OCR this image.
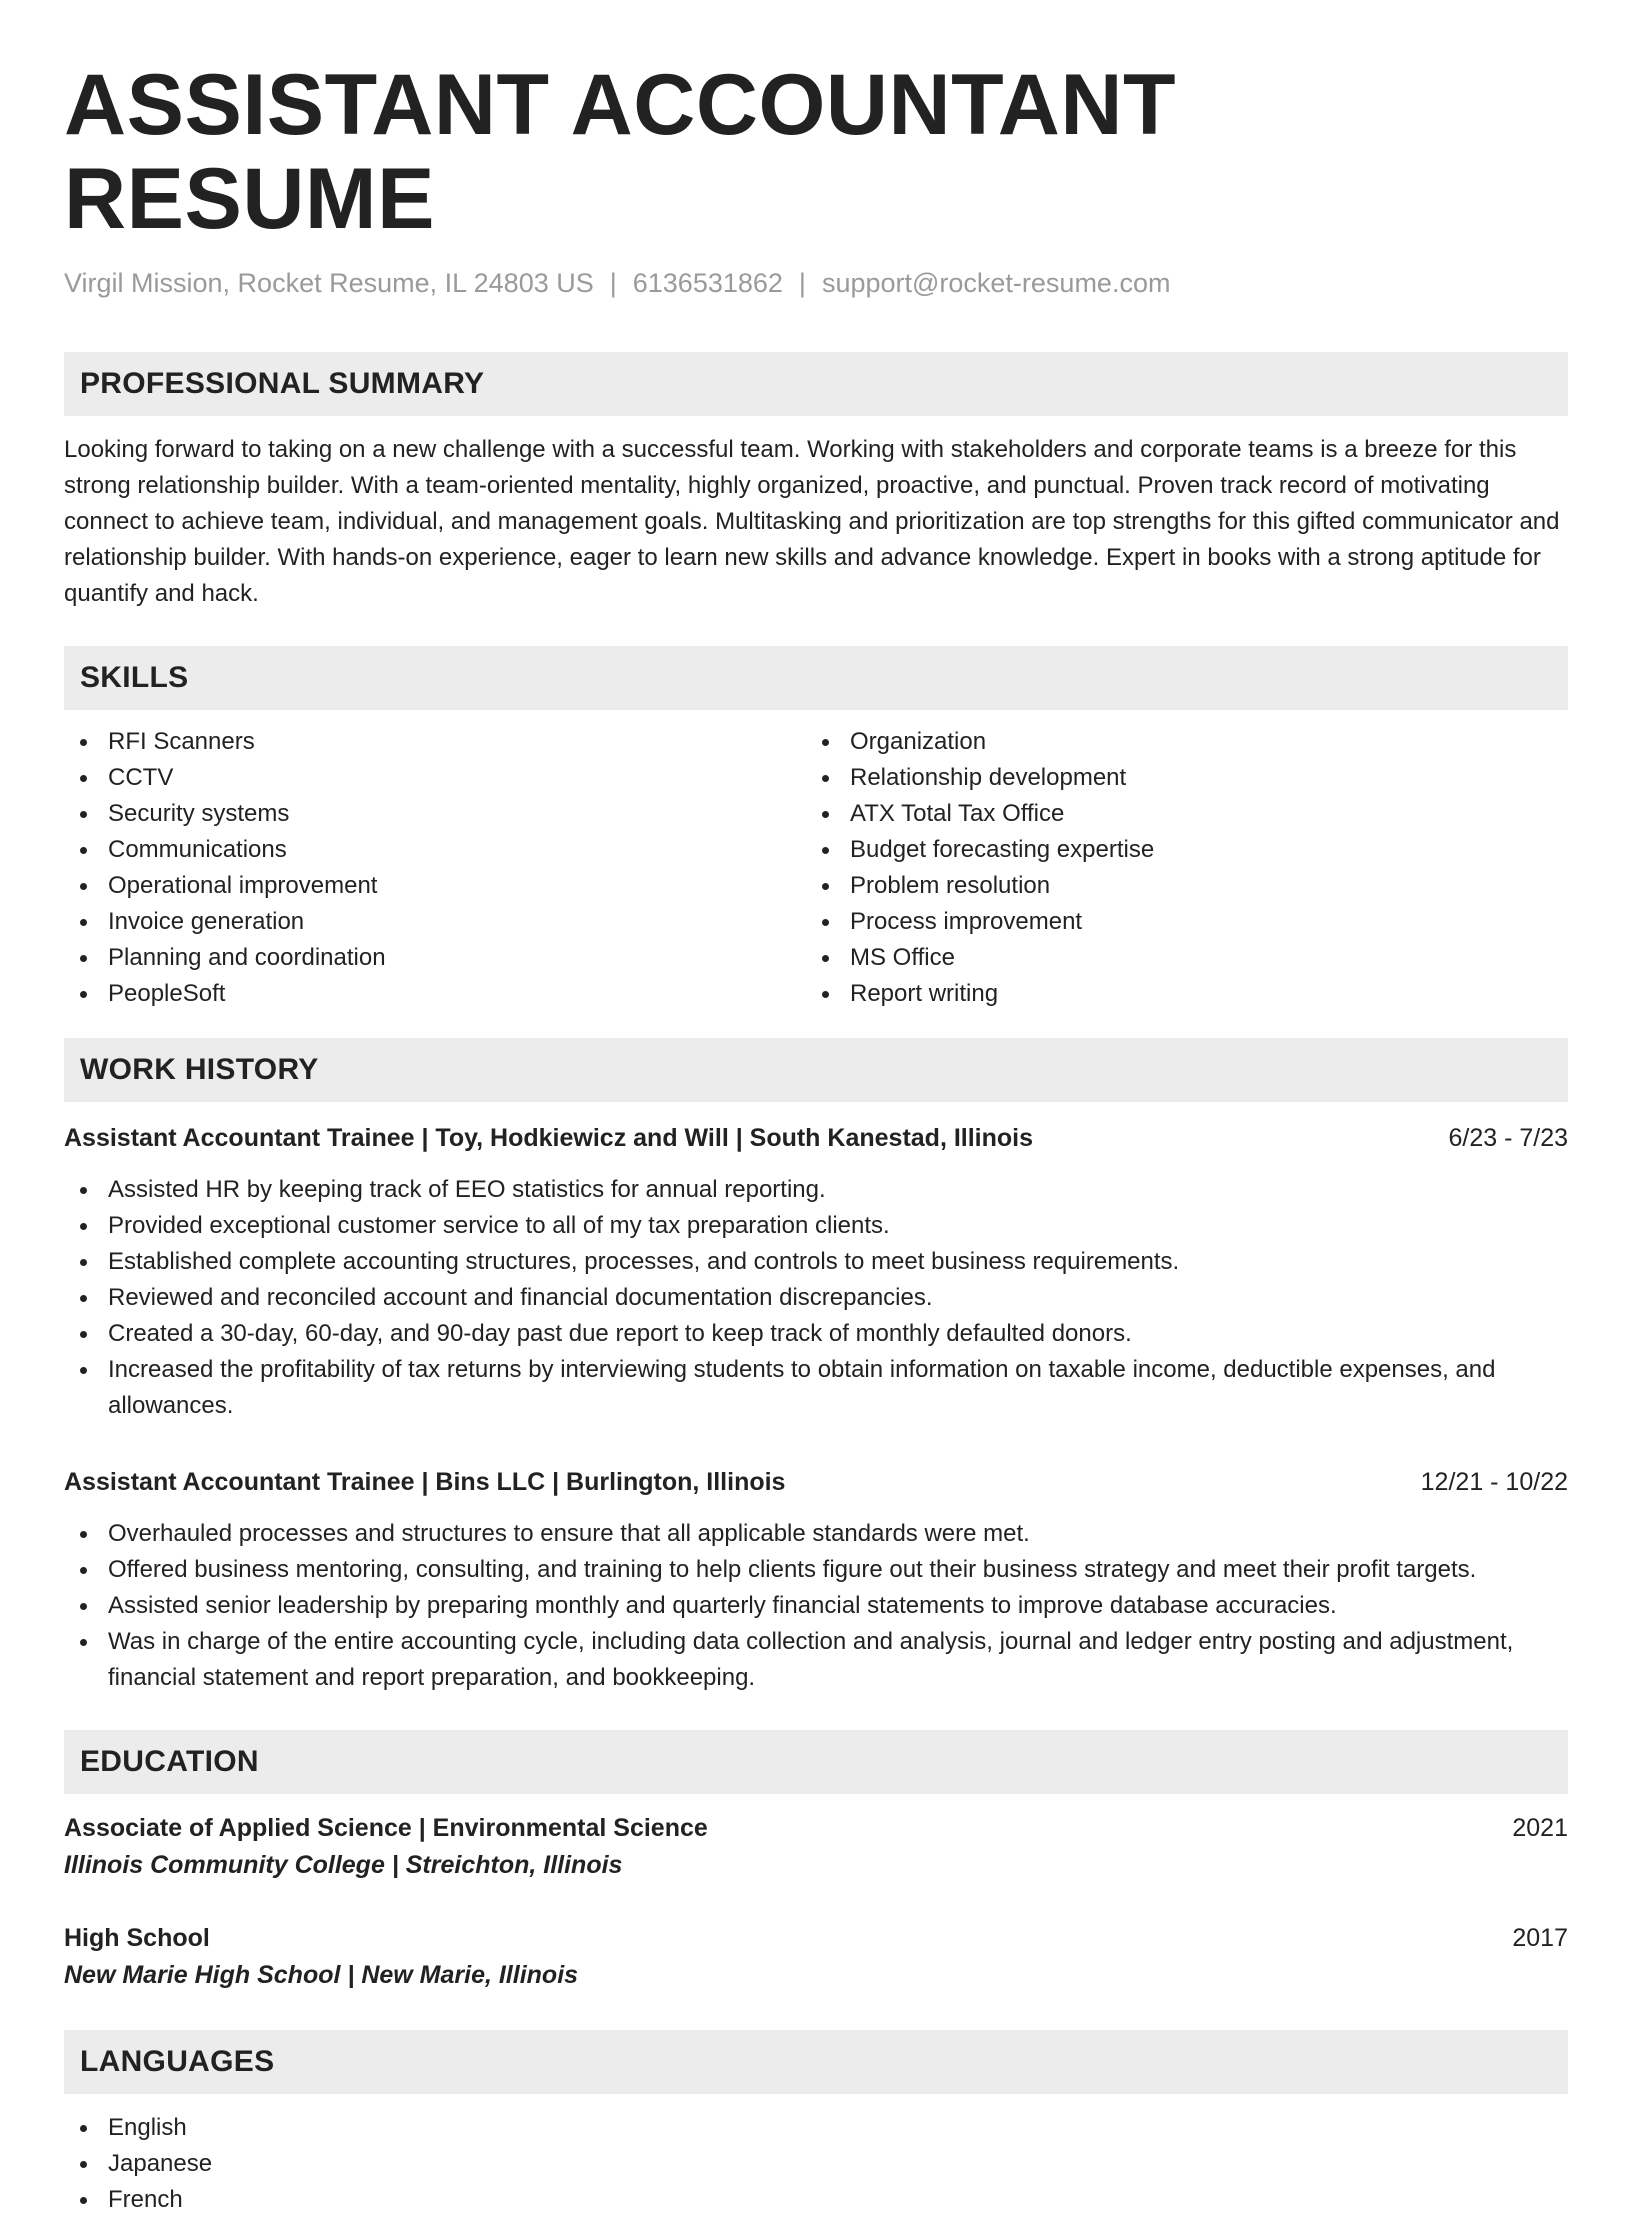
ASSISTANT ACCOUNTANT RESUME
Virgil Mission, Rocket Resume, IL 24803 US | 6136531862 | support@rocket-resume.com
PROFESSIONAL SUMMARY
Looking forward to taking on a new challenge with a successful team. Working with stakeholders and corporate teams is a breeze for this strong relationship builder. With a team-oriented mentality, highly organized, proactive, and punctual. Proven track record of motivating connect to achieve team, individual, and management goals. Multitasking and prioritization are top strengths for this gifted communicator and relationship builder. With hands-on experience, eager to learn new skills and advance knowledge. Expert in books with a strong aptitude for quantify and hack.
SKILLS
RFI Scanners
CCTV
Security systems
Communications
Operational improvement
Invoice generation
Planning and coordination
PeopleSoft
Organization
Relationship development
ATX Total Tax Office
Budget forecasting expertise
Problem resolution
Process improvement
MS Office
Report writing
WORK HISTORY
Assistant Accountant Trainee | Toy, Hodkiewicz and Will | South Kanestad, Illinois	6/23 - 7/23
Assisted HR by keeping track of EEO statistics for annual reporting.
Provided exceptional customer service to all of my tax preparation clients.
Established complete accounting structures, processes, and controls to meet business requirements.
Reviewed and reconciled account and financial documentation discrepancies.
Created a 30-day, 60-day, and 90-day past due report to keep track of monthly defaulted donors.
Increased the profitability of tax returns by interviewing students to obtain information on taxable income, deductible expenses, and allowances.
Assistant Accountant Trainee | Bins LLC | Burlington, Illinois	12/21 - 10/22
Overhauled processes and structures to ensure that all applicable standards were met.
Offered business mentoring, consulting, and training to help clients figure out their business strategy and meet their profit targets.
Assisted senior leadership by preparing monthly and quarterly financial statements to improve database accuracies.
Was in charge of the entire accounting cycle, including data collection and analysis, journal and ledger entry posting and adjustment, financial statement and report preparation, and bookkeeping.
EDUCATION
Associate of Applied Science | Environmental Science	2021
Illinois Community College | Streichton, Illinois
High School	2017
New Marie High School | New Marie, Illinois
LANGUAGES
English
Japanese
French
